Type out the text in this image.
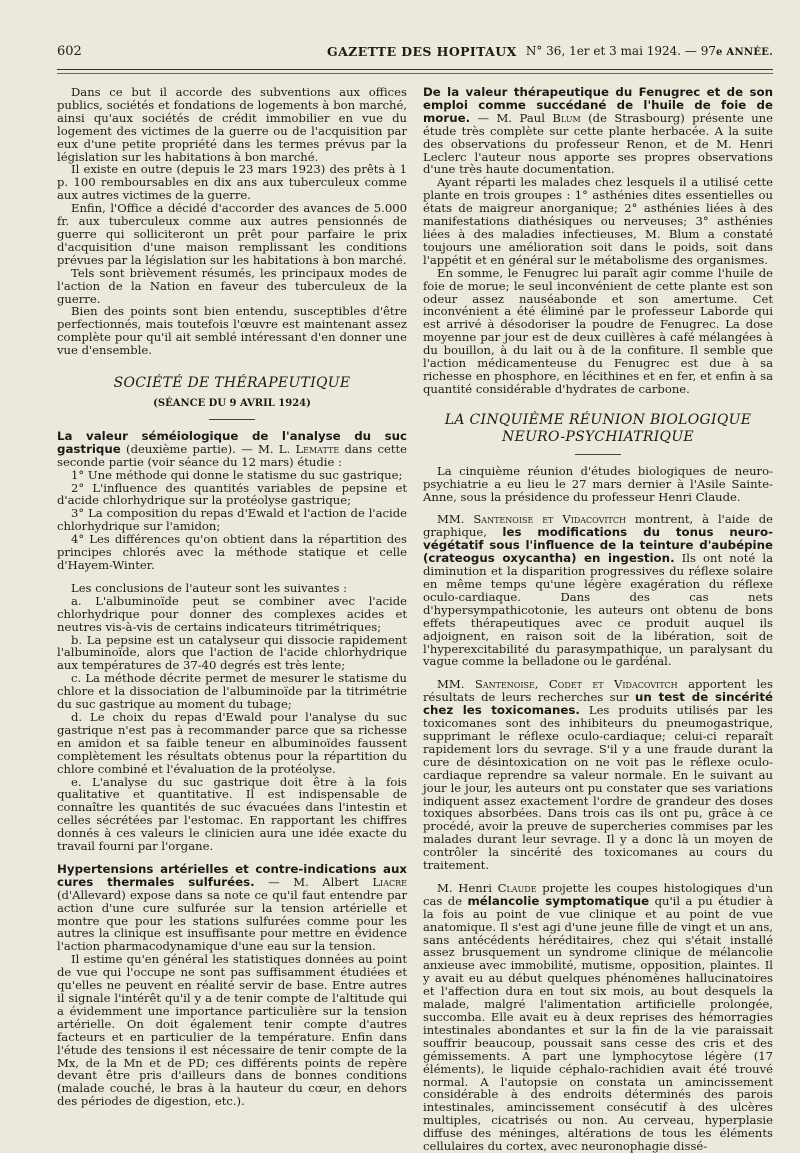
602	GAZETTE DES HOPITAUX N° 36, 1er et 3 mai 1924. — 97e ANNÉE.

Dans ce but il accorde des subventions aux offices publics, sociétés et fondations de logements à bon marché, ainsi qu'aux sociétés de crédit immobilier en vue du logement des victimes de la guerre ou de l'acquisition par eux d'une petite propriété dans les termes prévus par la législation sur les habitations à bon marché.

Il existe en outre (depuis le 23 mars 1923) des prêts à 1 p. 100 remboursables en dix ans aux tuberculeux comme aux autres victimes de la guerre.

Enfin, l'Office a décidé d'accorder des avances de 5.000 fr. aux tuberculeux comme aux autres pensionnés de guerre qui solliciteront un prêt pour parfaire le prix d'acquisition d'une maison remplissant les conditions prévues par la législation sur les habitations à bon marché.

Tels sont brièvement résumés, les principaux modes de l'action de la Nation en faveur des tuberculeux de la guerre.

Bien des points sont bien entendu, susceptibles d'être perfectionnés, mais toutefois l'œuvre est maintenant assez complète pour qu'il ait semblé intéressant d'en donner une vue d'ensemble.

SOCIÉTÉ DE THÉRAPEUTIQUE
(SÉANCE DU 9 AVRIL 1924)

La valeur séméiologique de l'analyse du suc gastrique (deuxième partie). — M. L. Lematte dans cette seconde partie (voir séance du 12 mars) étudie :

1° Une méthode qui donne le statisme du suc gastrique;

2° L'influence des quantités variables de pepsine et d'acide chlorhydrique sur la protéolyse gastrique;

3° La composition du repas d'Ewald et l'action de l'acide chlorhydrique sur l'amidon;

4° Les différences qu'on obtient dans la répartition des principes chlorés avec la méthode statique et celle d'Hayem-Winter.

Les conclusions de l'auteur sont les suivantes :

a. L'albuminoïde peut se combiner avec l'acide chlorhydrique pour donner des complexes acides et neutres vis-à-vis de certains indicateurs titrimétriques;

b. La pepsine est un catalyseur qui dissocie rapidement l'albuminoïde, alors que l'action de l'acide chlorhydrique aux températures de 37-40 degrés est très lente;

c. La méthode décrite permet de mesurer le statisme du chlore et la dissociation de l'albuminoïde par la titrimétrie du suc gastrique au moment du tubage;

d. Le choix du repas d'Ewald pour l'analyse du suc gastrique n'est pas à recommander parce que sa richesse en amidon et sa faible teneur en albuminoïdes faussent complètement les résultats obtenus pour la répartition du chlore combiné et l'évaluation de la protéolyse.

e. L'analyse du suc gastrique doit être à la fois qualitative et quantitative. Il est indispensable de connaître les quantités de suc évacuées dans l'intestin et celles sécrétées par l'estomac. En rapportant les chiffres donnés à ces valeurs le clinicien aura une idée exacte du travail fourni par l'organe.

Hypertensions artérielles et contre-indications aux cures thermales sulfurées. — M. Albert Liacre (d'Allevard) expose dans sa note ce qu'il faut entendre par action d'une cure sulfurée sur la tension artérielle et montre que pour les stations sulfurées comme pour les autres la clinique est insuffisante pour mettre en évidence l'action pharmacodynamique d'une eau sur la tension.

Il estime qu'en général les statistiques données au point de vue qui l'occupe ne sont pas suffisamment étudiées et qu'elles ne peuvent en réalité servir de base. Entre autres il signale l'intérêt qu'il y a de tenir compte de l'altitude qui a évidemment une importance particulière sur la tension artérielle. On doit également tenir compte d'autres facteurs et en particulier de la température. Enfin dans l'étude des tensions il est nécessaire de tenir compte de la Mx, de la Mn et de PD; ces différents points de repère devant être pris d'ailleurs dans de bonnes conditions (malade couché, le bras à la hauteur du cœur, en dehors des périodes de digestion, etc.).

De la valeur thérapeutique du Fenugrec et de son emploi comme succédané de l'huile de foie de morue. — M. Paul Blum (de Strasbourg) présente une étude très complète sur cette plante herbacée. A la suite des observations du professeur Renon, et de M. Henri Leclerc l'auteur nous apporte ses propres observations d'une très haute documentation.

Ayant réparti les malades chez lesquels il a utilisé cette plante en trois groupes : 1° asthénies dites essentielles ou états de maigreur anorganique; 2° asthénies liées à des manifestations diathésiques ou nerveuses; 3° asthénies liées à des maladies infectieuses, M. Blum a constaté toujours une amélioration soit dans le poids, soit dans l'appétit et en général sur le métabolisme des organismes.

En somme, le Fenugrec lui paraît agir comme l'huile de foie de morue; le seul inconvénient de cette plante est son odeur assez nauséabonde et son amertume. Cet inconvénient a été éliminé par le professeur Laborde qui est arrivé à désodoriser la poudre de Fenugrec. La dose moyenne par jour est de deux cuillères à café mélangées à du bouillon, à du lait ou à de la confiture. Il semble que l'action médicamenteuse du Fenugrec est due à sa richesse en phosphore, en lécithines et en fer, et enfin à sa quantité considérable d'hydrates de carbone.

LA CINQUIÈME RÉUNION BIOLOGIQUE
NEURO-PSYCHIATRIQUE

La cinquième réunion d'études biologiques de neuro-psychiatrie a eu lieu le 27 mars dernier à l'Asile Sainte-Anne, sous la présidence du professeur Henri Claude.

MM. Santenoise et Vidacovitch montrent, à l'aide de graphique, les modifications du tonus neuro-végétatif sous l'influence de la teinture d'aubépine (crateogus oxycantha) en ingestion. Ils ont noté la diminution et la disparition progressives du réflexe solaire en même temps qu'une légère exagération du réflexe oculo-cardiaque. Dans des cas nets d'hypersympathicotonie, les auteurs ont obtenu de bons effets thérapeutiques avec ce produit auquel ils adjoignent, en raison soit de la libération, soit de l'hyperexcitabilité du parasympathique, un paralysant du vague comme la belladone ou le gardénal.

MM. Santenoise, Codet et Vidacovitch apportent les résultats de leurs recherches sur un test de sincérité chez les toxicomanes. Les produits utilisés par les toxicomanes sont des inhibiteurs du pneumogastrique, supprimant le réflexe oculo-cardiaque; celui-ci reparaît rapidement lors du sevrage. S'il y a une fraude durant la cure de désintoxication on ne voit pas le réflexe oculo-cardiaque reprendre sa valeur normale. En le suivant au jour le jour, les auteurs ont pu constater que ses variations indiquent assez exactement l'ordre de grandeur des doses toxiques absorbées. Dans trois cas ils ont pu, grâce à ce procédé, avoir la preuve de supercheries commises par les malades durant leur sevrage. Il y a donc là un moyen de contrôler la sincérité des toxicomanes au cours du traitement.

M. Henri Claude projette les coupes histologiques d'un cas de mélancolie symptomatique qu'il a pu étudier à la fois au point de vue clinique et au point de vue anatomique. Il s'est agi d'une jeune fille de vingt et un ans, sans antécédents héréditaires, chez qui s'était installé assez brusquement un syndrome clinique de mélancolie anxieuse avec immobilité, mutisme, opposition, plaintes. Il y avait eu au début quelques phénomènes hallucinatoires et l'affection dura en tout six mois, au bout desquels la malade, malgré l'alimentation artificielle prolongée, succomba. Elle avait eu à deux reprises des hémorragies intestinales abondantes et sur la fin de la vie paraissait souffrir beaucoup, poussait sans cesse des cris et des gémissements. A part une lymphocytose légère (17 éléments), le liquide céphalo-rachidien avait été trouvé normal. A l'autopsie on constata un amincissement considérable à des endroits déterminés des parois intestinales, amincissement consécutif à des ulcères multiples, cicatrisés ou non. Au cerveau, hyperplasie diffuse des méninges, altérations de tous les éléments cellulaires du cortex, avec neuronophagie dissé-
